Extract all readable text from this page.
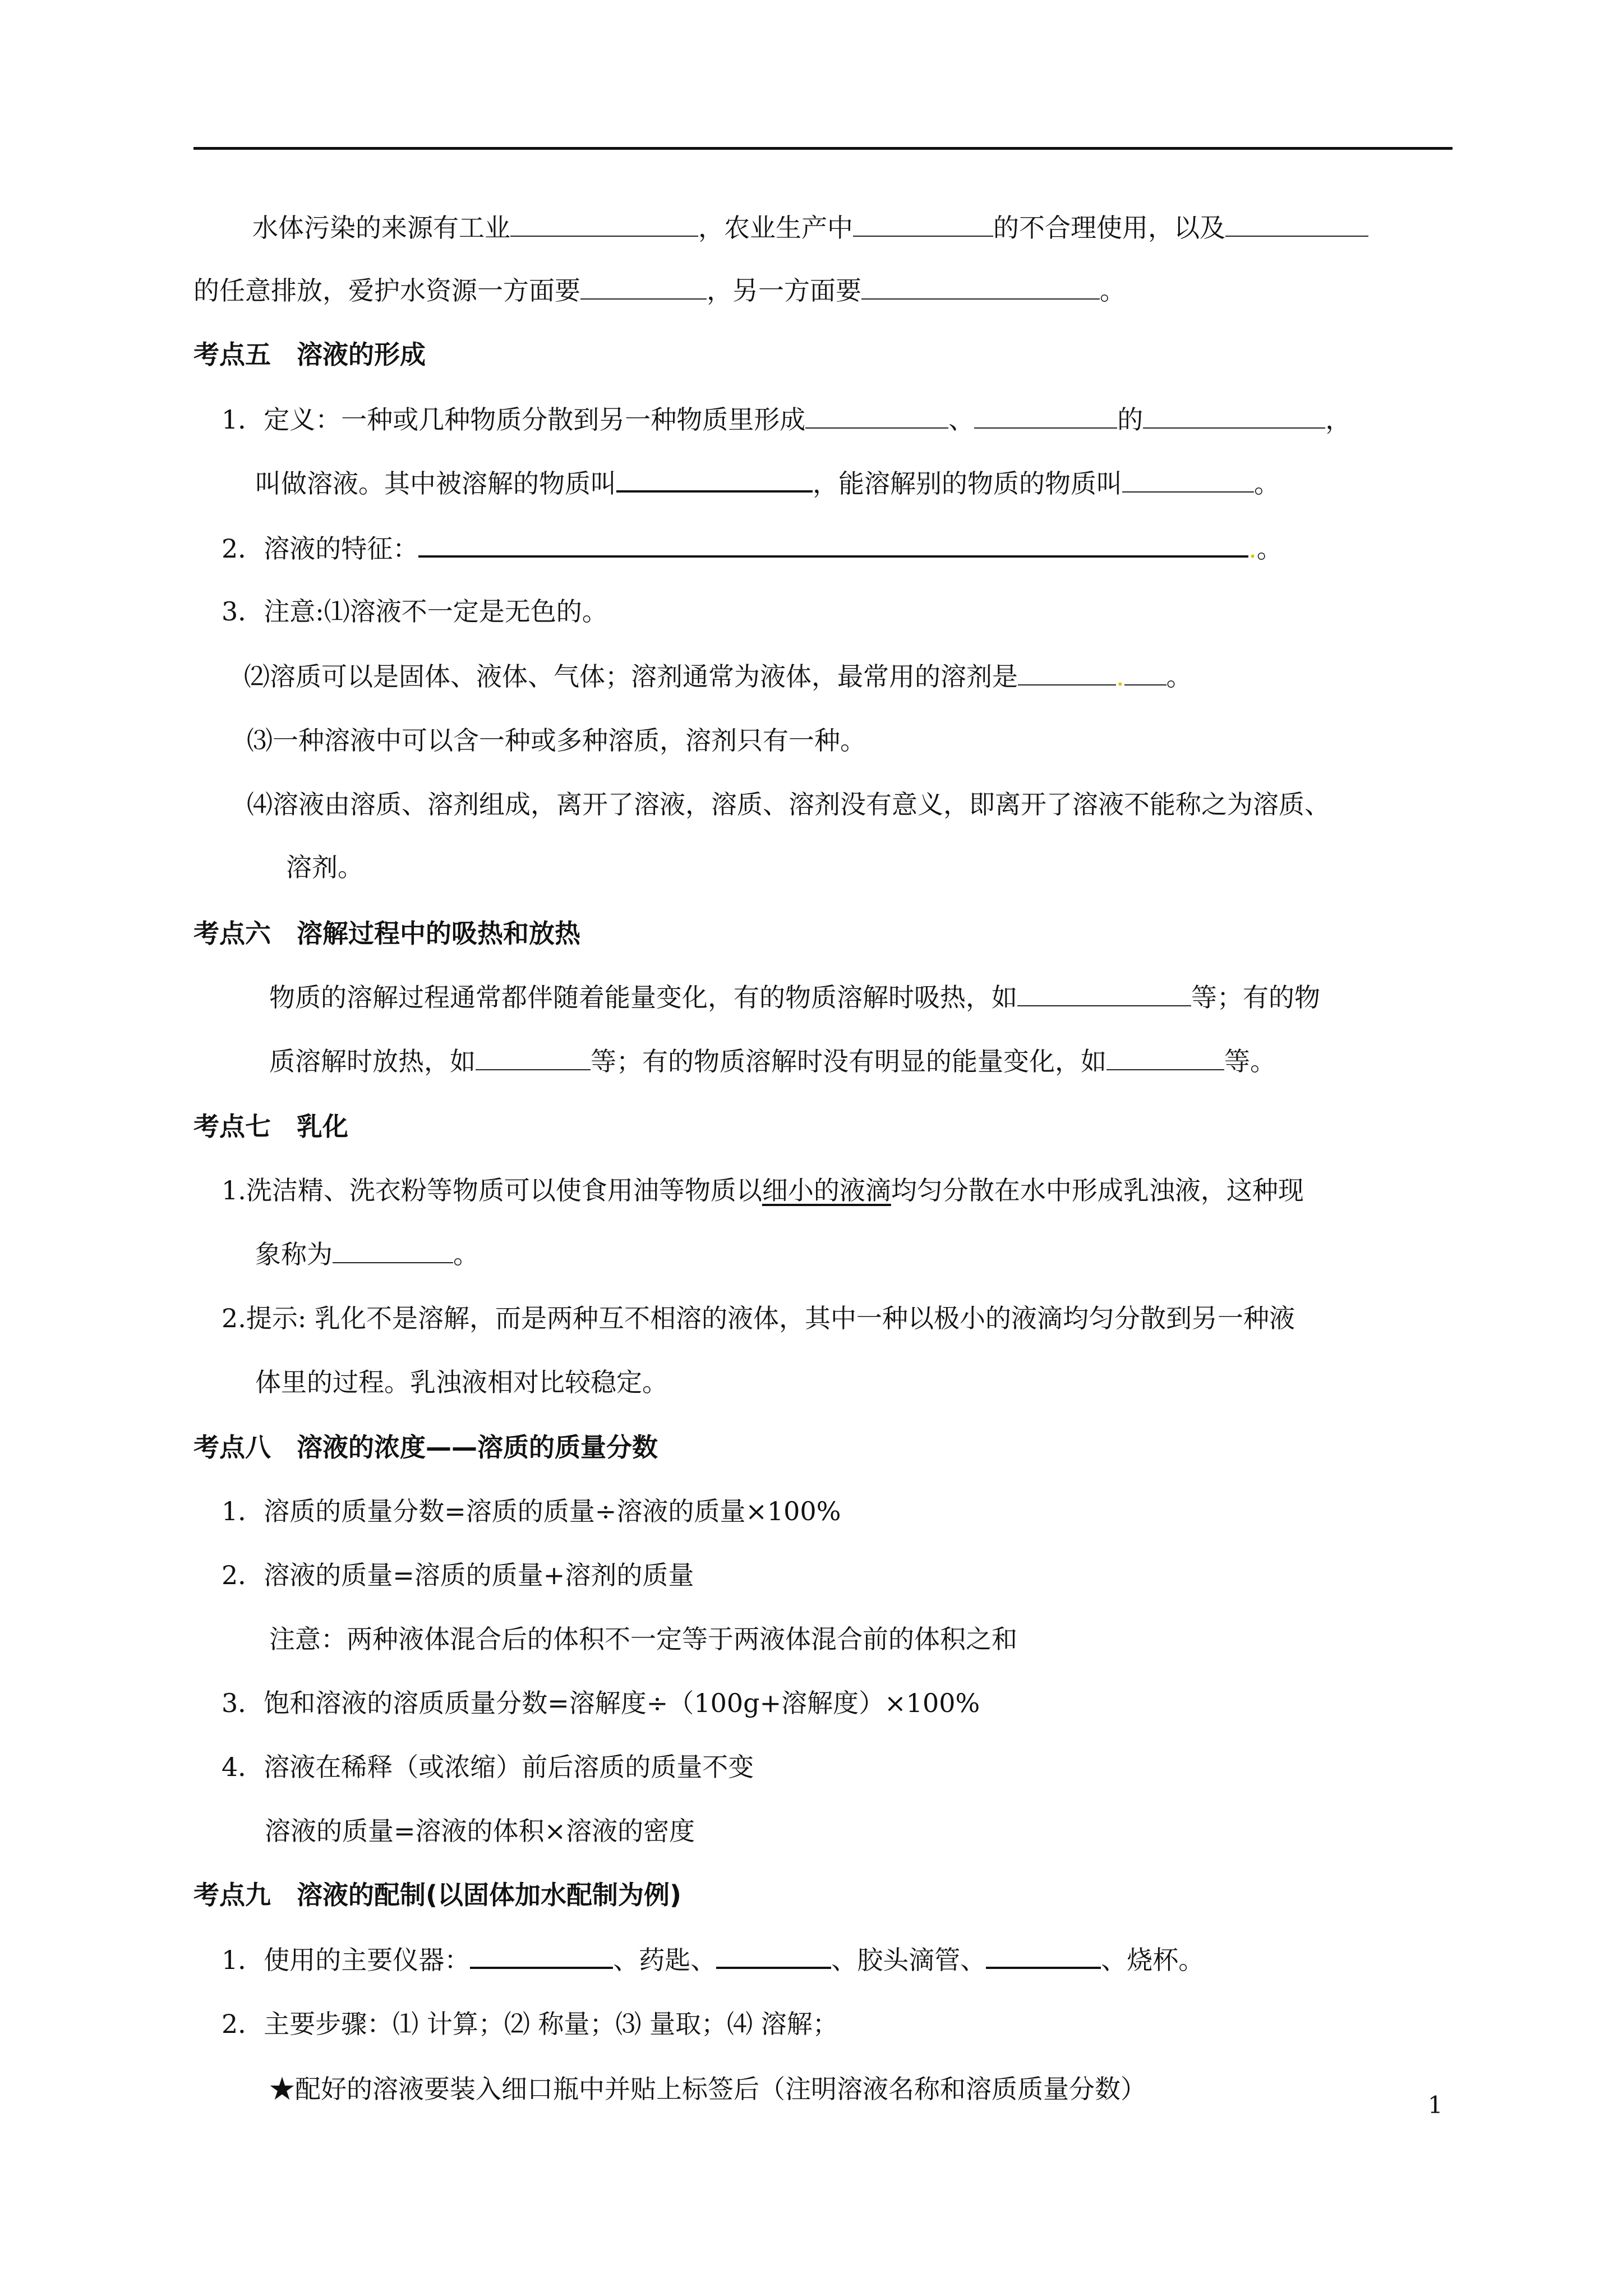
水体污染的来源有工业	，农业生产中	的不合理使用，以及
的任意排放，爱护水资源一方面要	，另一方面要	。
考点五　溶液的形成
1．定义：一种或几种物质分散到另一种物质里形成	、	的	，
叫做溶液。其中被溶解的物质叫	，能溶解别的物质的物质叫	。
2．溶液的特征：	.。
3．注意:⑴溶液不一定是无色的。
⑵溶质可以是固体、液体、气体；溶剂通常为液体，最常用的溶剂是	. 。
⑶一种溶液中可以含一种或多种溶质，溶剂只有一种。
⑷溶液由溶质、溶剂组成，离开了溶液，溶质、溶剂没有意义，即离开了溶液不能称之为溶质、
溶剂。
考点六　溶解过程中的吸热和放热
物质的溶解过程通常都伴随着能量变化，有的物质溶解时吸热，如	等；有的物
质溶解时放热，如	等；有的物质溶解时没有明显的能量变化，如	等。
考点七　乳化
1.洗洁精、洗衣粉等物质可以使食用油等物质以细小的液滴均匀分散在水中形成乳浊液，这种现
象称为	。
2.提示: 乳化不是溶解，而是两种互不相溶的液体，其中一种以极小的液滴均匀分散到另一种液
体里的过程。乳浊液相对比较稳定。
考点八　溶液的浓度——溶质的质量分数
1．溶质的质量分数=溶质的质量÷溶液的质量×100%
2．溶液的质量=溶质的质量+溶剂的质量
注意：两种液体混合后的体积不一定等于两液体混合前的体积之和
3．饱和溶液的溶质质量分数=溶解度÷（100g+溶解度）×100%
4．溶液在稀释（或浓缩）前后溶质的质量不变
溶液的质量=溶液的体积×溶液的密度
考点九　溶液的配制(以固体加水配制为例)
1．使用的主要仪器：	、药匙、	、胶头滴管、	、烧杯。
2．主要步骤：⑴ 计算；⑵ 称量；⑶ 量取；⑷ 溶解；
★配好的溶液要装入细口瓶中并贴上标签后（注明溶液名称和溶质质量分数）
1
